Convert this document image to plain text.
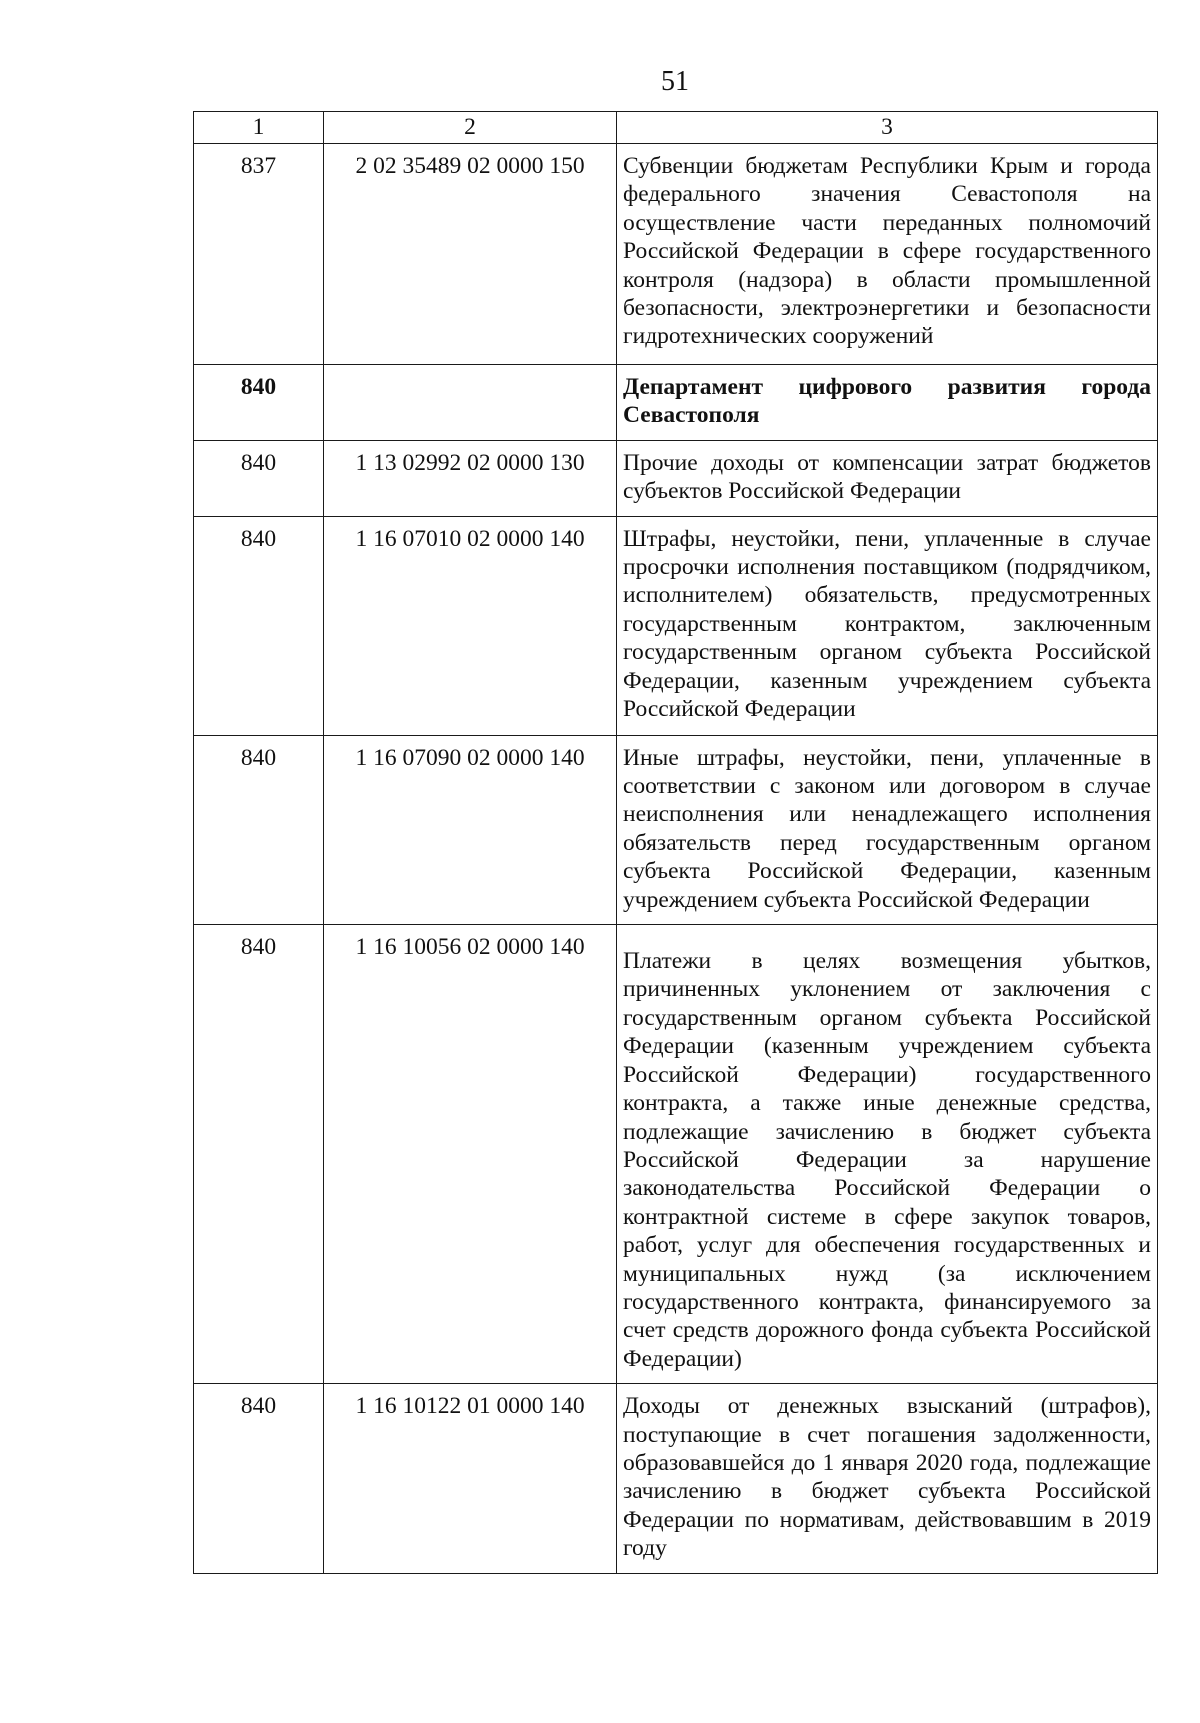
51
1	2	3
837	2 02 35489 02 0000 150	Субвенции бюджетам Республики Крым и города федерального значения Севастополя на осуществление части переданных полномочий Российской Федерации в сфере государственного контроля (надзора) в области промышленной безопасности, электроэнергетики и безопасности гидротехнических сооружений
840		Департамент цифрового развития города Севастополя
840	1 13 02992 02 0000 130	Прочие доходы от компенсации затрат бюджетов субъектов Российской Федерации
840	1 16 07010 02 0000 140	Штрафы, неустойки, пени, уплаченные в случае просрочки исполнения поставщиком (подрядчиком, исполнителем) обязательств, предусмотренных государственным контрактом, заключенным государственным органом субъекта Российской Федерации, казенным учреждением субъекта Российской Федерации
840	1 16 07090 02 0000 140	Иные штрафы, неустойки, пени, уплаченные в соответствии с законом или договором в случае неисполнения или ненадлежащего исполнения обязательств перед государственным органом субъекта Российской Федерации, казенным учреждением субъекта Российской Федерации
840	1 16 10056 02 0000 140	Платежи в целях возмещения убытков, причиненных уклонением от заключения с государственным органом субъекта Российской Федерации (казенным учреждением субъекта Российской Федерации) государственного контракта, а также иные денежные средства, подлежащие зачислению в бюджет субъекта Российской Федерации за нарушение законодательства Российской Федерации о контрактной системе в сфере закупок товаров, работ, услуг для обеспечения государственных и муниципальных нужд (за исключением государственного контракта, финансируемого за счет средств дорожного фонда субъекта Российской Федерации)
840	1 16 10122 01 0000 140	Доходы от денежных взысканий (штрафов), поступающие в счет погашения задолженности, образовавшейся до 1 января 2020 года, подлежащие зачислению в бюджет субъекта Российской Федерации по нормативам, действовавшим в 2019 году
